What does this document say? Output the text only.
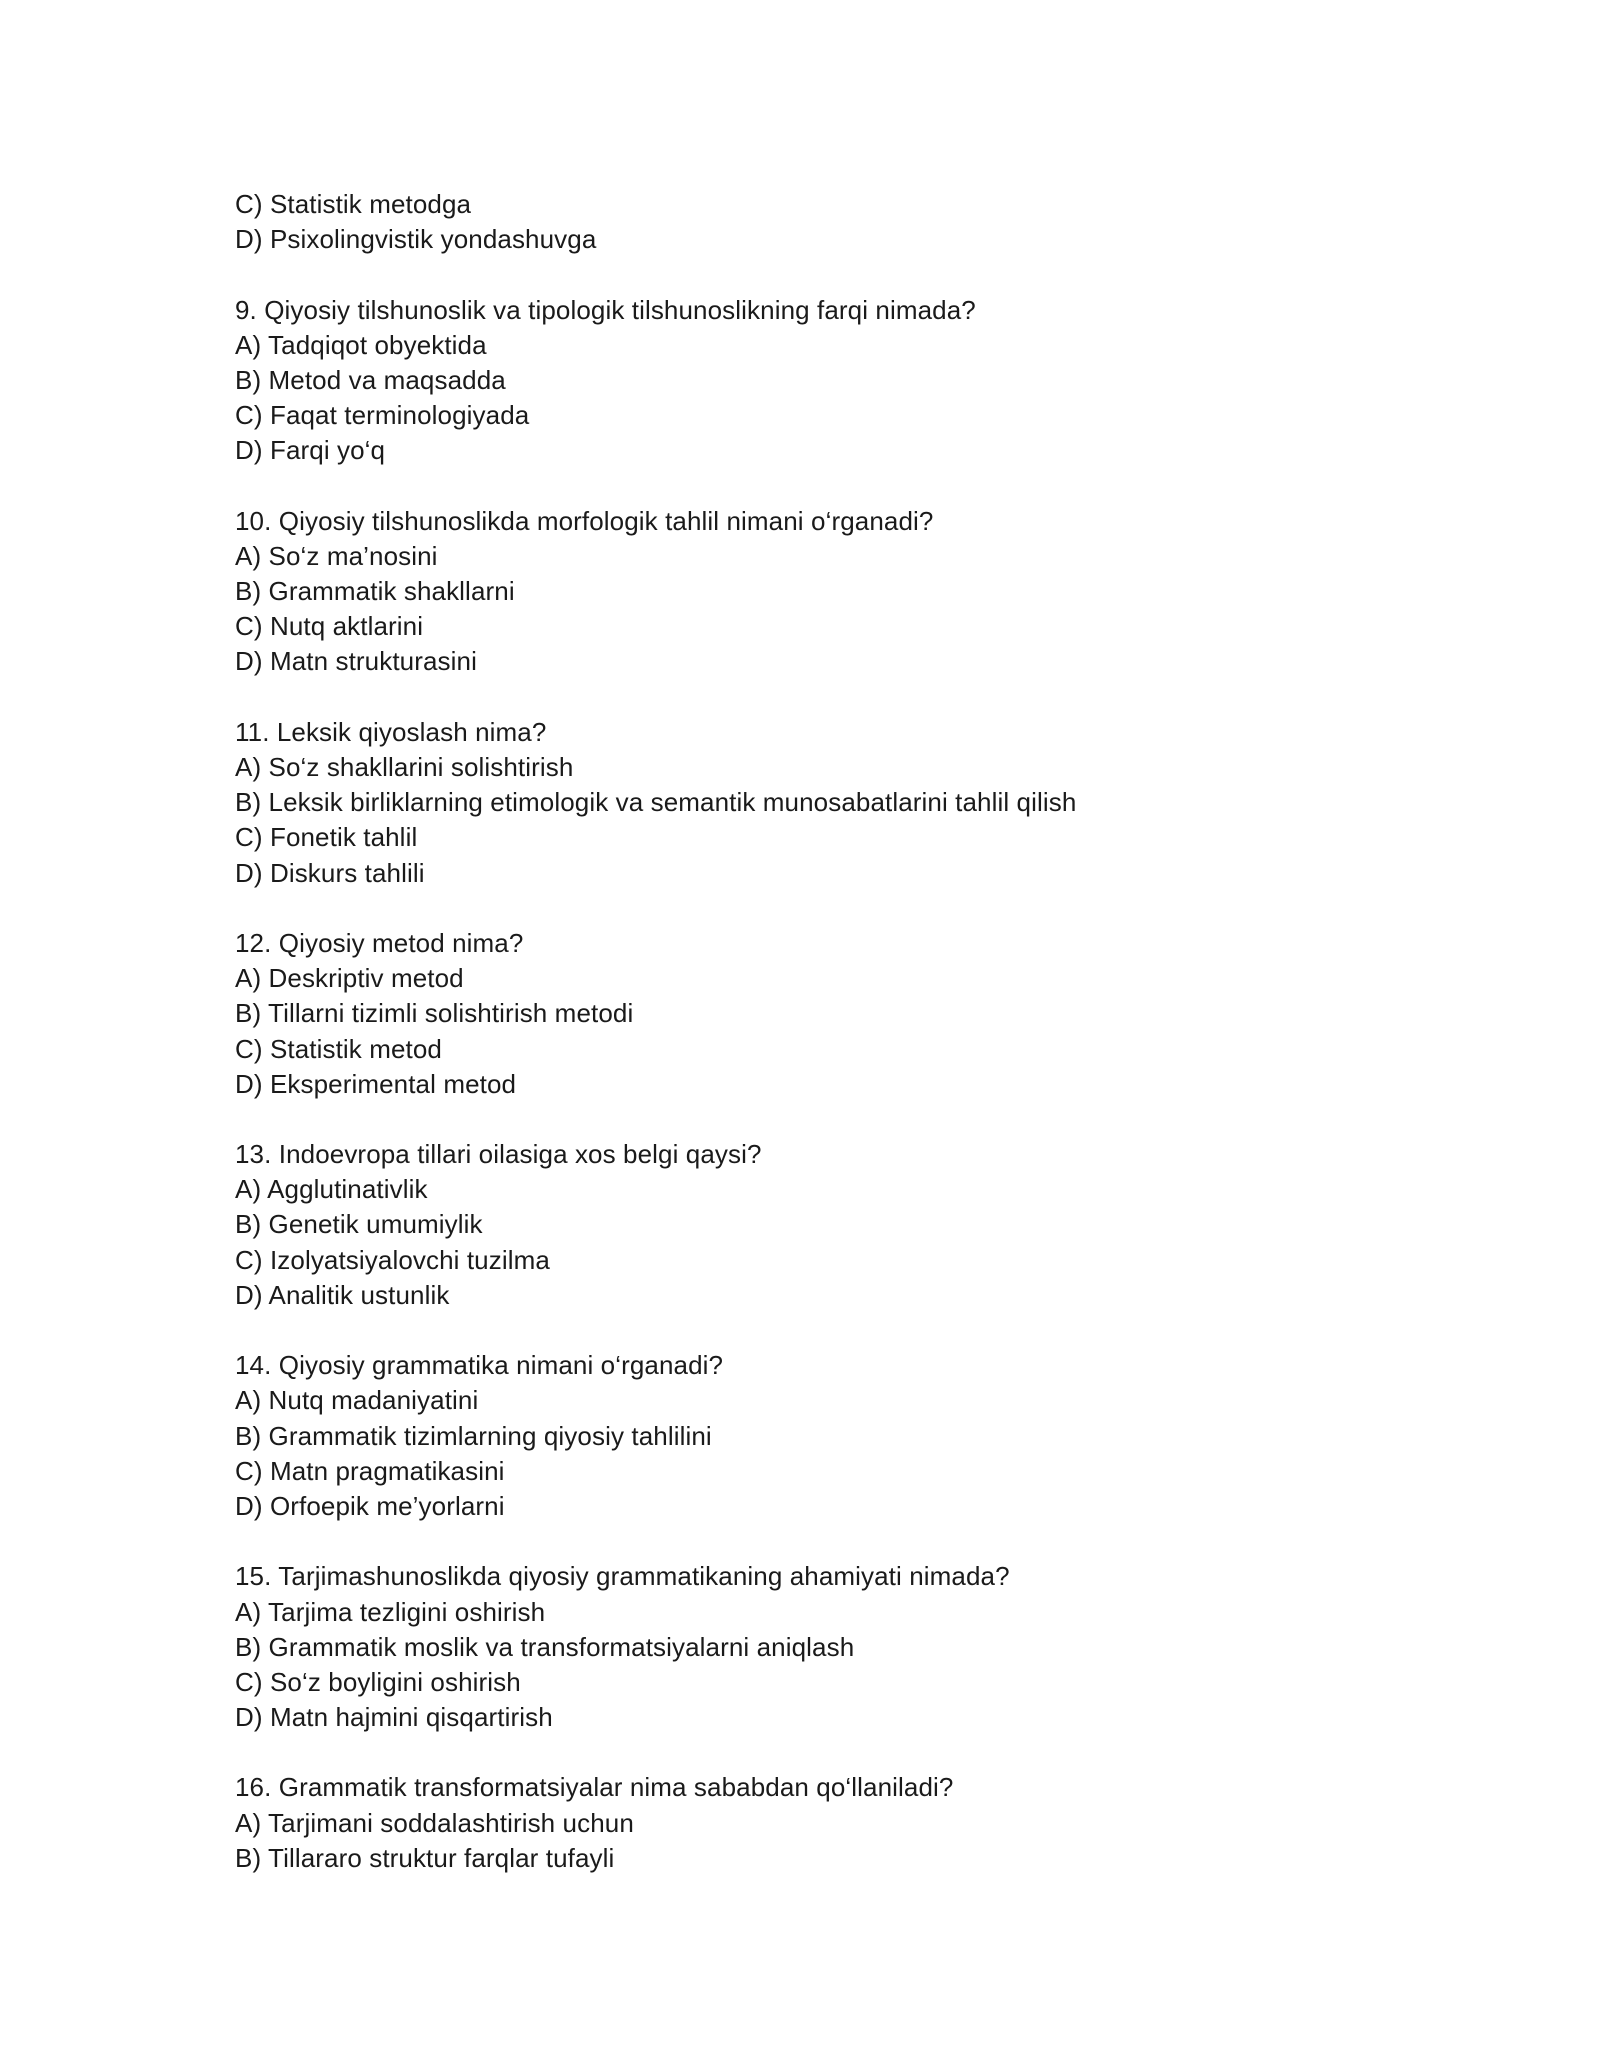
C) Statistik metodga

D) Psixolingvistik yondashuvga

9. Qiyosiy tilshunoslik va tipologik tilshunoslikning farqi nimada?

A) Tadqiqot obyektida

B) Metod va maqsadda

C) Faqat terminologiyada

D) Farqi yo‘q

10. Qiyosiy tilshunoslikda morfologik tahlil nimani o‘rganadi?

A) So‘z ma’nosini

B) Grammatik shakllarni

C) Nutq aktlarini

D) Matn strukturasini

11. Leksik qiyoslash nima?

A) So‘z shakllarini solishtirish

B) Leksik birliklarning etimologik va semantik munosabatlarini tahlil qilish

C) Fonetik tahlil

D) Diskurs tahlili

12. Qiyosiy metod nima?

A) Deskriptiv metod

B) Tillarni tizimli solishtirish metodi

C) Statistik metod

D) Eksperimental metod

13. Indoevropa tillari oilasiga xos belgi qaysi?

A) Agglutinativlik

B) Genetik umumiylik

C) Izolyatsiyalovchi tuzilma

D) Analitik ustunlik

14. Qiyosiy grammatika nimani o‘rganadi?

A) Nutq madaniyatini

B) Grammatik tizimlarning qiyosiy tahlilini

C) Matn pragmatikasini

D) Orfoepik me’yorlarni

15. Tarjimashunoslikda qiyosiy grammatikaning ahamiyati nimada?

A) Tarjima tezligini oshirish

B) Grammatik moslik va transformatsiyalarni aniqlash

C) So‘z boyligini oshirish

D) Matn hajmini qisqartirish

16. Grammatik transformatsiyalar nima sababdan qo‘llaniladi?

A) Tarjimani soddalashtirish uchun

B) Tillararo struktur farqlar tufayli
